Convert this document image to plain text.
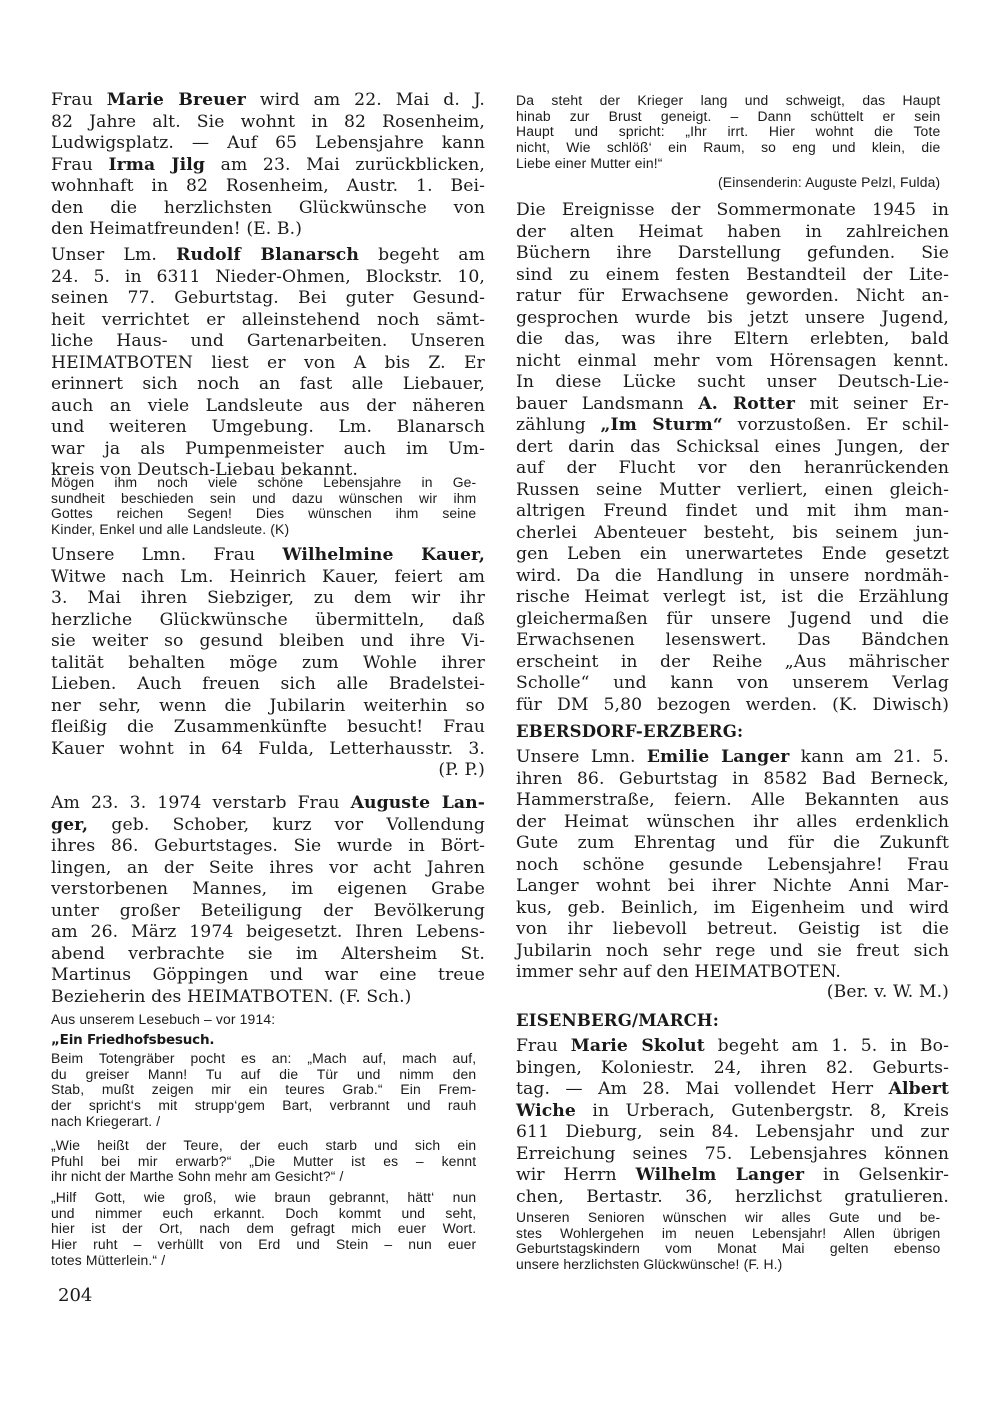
Frau Marie Breuer wird am 22. Mai d. J.
82 Jahre alt. Sie wohnt in 82 Rosenheim,
Ludwigsplatz. — Auf 65 Lebensjahre kann
Frau Irma Jilg am 23. Mai zurückblicken,
wohnhaft in 82 Rosenheim, Austr. 1. Bei-
den die herzlichsten Glückwünsche von
den Heimatfreunden! (E. B.)
Unser Lm. Rudolf Blanarsch begeht am
24. 5. in 6311 Nieder-Ohmen, Blockstr. 10,
seinen 77. Geburtstag. Bei guter Gesund-
heit verrichtet er alleinstehend noch sämt-
liche Haus- und Gartenarbeiten. Unseren
HEIMATBOTEN liest er von A bis Z. Er
erinnert sich noch an fast alle Liebauer,
auch an viele Landsleute aus der näheren
und weiteren Umgebung. Lm. Blanarsch
war ja als Pumpenmeister auch im Um-
kreis von Deutsch-Liebau bekannt.
Mögen ihm noch viele schöne Lebensjahre in Ge-
sundheit beschieden sein und dazu wünschen wir ihm
Gottes reichen Segen! Dies wünschen ihm seine
Kinder, Enkel und alle Landsleute. (K)
Unsere Lmn. Frau Wilhelmine Kauer,
Witwe nach Lm. Heinrich Kauer, feiert am
3. Mai ihren Siebziger, zu dem wir ihr
herzliche Glückwünsche übermitteln, daß
sie weiter so gesund bleiben und ihre Vi-
talität behalten möge zum Wohle ihrer
Lieben. Auch freuen sich alle Bradelstei-
ner sehr, wenn die Jubilarin weiterhin so
fleißig die Zusammenkünfte besucht! Frau
Kauer wohnt in 64 Fulda, Letterhausstr. 3.
(P. P.)
Am 23. 3. 1974 verstarb Frau Auguste Lan-
ger, geb. Schober, kurz vor Vollendung
ihres 86. Geburtstages. Sie wurde in Bört-
lingen, an der Seite ihres vor acht Jahren
verstorbenen Mannes, im eigenen Grabe
unter großer Beteiligung der Bevölkerung
am 26. März 1974 beigesetzt. Ihren Lebens-
abend verbrachte sie im Altersheim St.
Martinus Göppingen und war eine treue
Bezieherin des HEIMATBOTEN. (F. Sch.)
Aus unserem Lesebuch – vor 1914:
„Ein Friedhofsbesuch.
Beim Totengräber pocht es an: „Mach auf, mach auf,
du greiser Mann! Tu auf die Tür und nimm den
Stab, mußt zeigen mir ein teures Grab.“ Ein Frem-
der spricht‘s mit strupp‘gem Bart, verbrannt und rauh
nach Kriegerart. /
„Wie heißt der Teure, der euch starb und sich ein
Pfuhl bei mir erwarb?“ „Die Mutter ist es – kennt
ihr nicht der Marthe Sohn mehr am Gesicht?“ /
„Hilf Gott, wie groß, wie braun gebrannt, hätt‘ nun
und nimmer euch erkannt. Doch kommt und seht,
hier ist der Ort, nach dem gefragt mich euer Wort.
Hier ruht – verhüllt von Erd und Stein – nun euer
totes Mütterlein.“ /
Da steht der Krieger lang und schweigt, das Haupt
hinab zur Brust geneigt. – Dann schüttelt er sein
Haupt und spricht: „Ihr irrt. Hier wohnt die Tote
nicht, Wie schlöß‘ ein Raum, so eng und klein, die
Liebe einer Mutter ein!“
(Einsenderin: Auguste Pelzl, Fulda)
Die Ereignisse der Sommermonate 1945 in
der alten Heimat haben in zahlreichen
Büchern ihre Darstellung gefunden. Sie
sind zu einem festen Bestandteil der Lite-
ratur für Erwachsene geworden. Nicht an-
gesprochen wurde bis jetzt unsere Jugend,
die das, was ihre Eltern erlebten, bald
nicht einmal mehr vom Hörensagen kennt.
In diese Lücke sucht unser Deutsch-Lie-
bauer Landsmann A. Rotter mit seiner Er-
zählung „Im Sturm“ vorzustoßen. Er schil-
dert darin das Schicksal eines Jungen, der
auf der Flucht vor den heranrückenden
Russen seine Mutter verliert, einen gleich-
altrigen Freund findet und mit ihm man-
cherlei Abenteuer besteht, bis seinem jun-
gen Leben ein unerwartetes Ende gesetzt
wird. Da die Handlung in unsere nordmäh-
rische Heimat verlegt ist, ist die Erzählung
gleichermaßen für unsere Jugend und die
Erwachsenen lesenswert. Das Bändchen
erscheint in der Reihe „Aus mährischer
Scholle“ und kann von unserem Verlag
für DM 5,80 bezogen werden. (K. Diwisch)
EBERSDORF-ERZBERG:
Unsere Lmn. Emilie Langer kann am 21. 5.
ihren 86. Geburtstag in 8582 Bad Berneck,
Hammerstraße, feiern. Alle Bekannten aus
der Heimat wünschen ihr alles erdenklich
Gute zum Ehrentag und für die Zukunft
noch schöne gesunde Lebensjahre! Frau
Langer wohnt bei ihrer Nichte Anni Mar-
kus, geb. Beinlich, im Eigenheim und wird
von ihr liebevoll betreut. Geistig ist die
Jubilarin noch sehr rege und sie freut sich
immer sehr auf den HEIMATBOTEN.
(Ber. v. W. M.)
EISENBERG/MARCH:
Frau Marie Skolut begeht am 1. 5. in Bo-
bingen, Koloniestr. 24, ihren 82. Geburts-
tag. — Am 28. Mai vollendet Herr Albert
Wiche in Urberach, Gutenbergstr. 8, Kreis
611 Dieburg, sein 84. Lebensjahr und zur
Erreichung seines 75. Lebensjahres können
wir Herrn Wilhelm Langer in Gelsenkir-
chen, Bertastr. 36, herzlichst gratulieren.
Unseren Senioren wünschen wir alles Gute und be-
stes Wohlergehen im neuen Lebensjahr! Allen übrigen
Geburtstagskindern vom Monat Mai gelten ebenso
unsere herzlichsten Glückwünsche! (F. H.)
204
